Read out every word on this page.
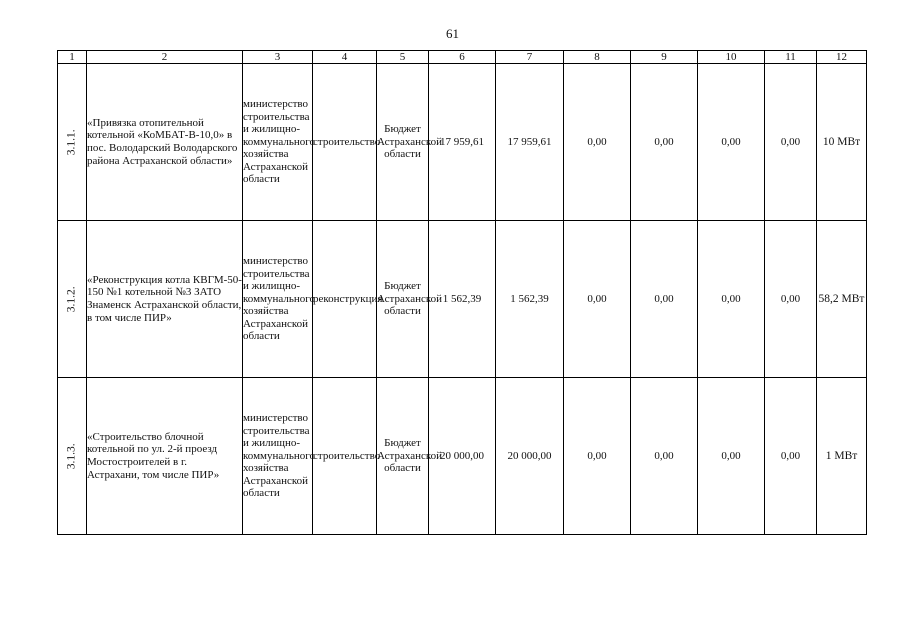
61
1	2	3	4	5	6	7	8	9	10	11	12
3.1.1.	«Привязка отопительной котельной «КоМБАТ-В-10,0» в пос. Володарский Володарского района Астраханской области»	министерство строительства и жилищно-коммунального хозяйства Астраханской области	строительство	Бюджет Астраханской области	17 959,61	17 959,61	0,00	0,00	0,00	0,00	10 МВт
3.1.2.	«Реконструкция котла КВГМ-50-150 №1 котельной №3 ЗАТО Знаменск Астраханской области, в том числе ПИР»	министерство строительства и жилищно-коммунального хозяйства Астраханской области	реконструкция	Бюджет Астраханской области	1 562,39	1 562,39	0,00	0,00	0,00	0,00	58,2 МВт
3.1.3.	«Строительство блочной котельной по ул. 2-й проезд Мостостроителей в г. Астрахани, том числе ПИР»	министерство строительства и жилищно-коммунального хозяйства Астраханской области	строительство	Бюджет Астраханской области	20 000,00	20 000,00	0,00	0,00	0,00	0,00	1 МВт
